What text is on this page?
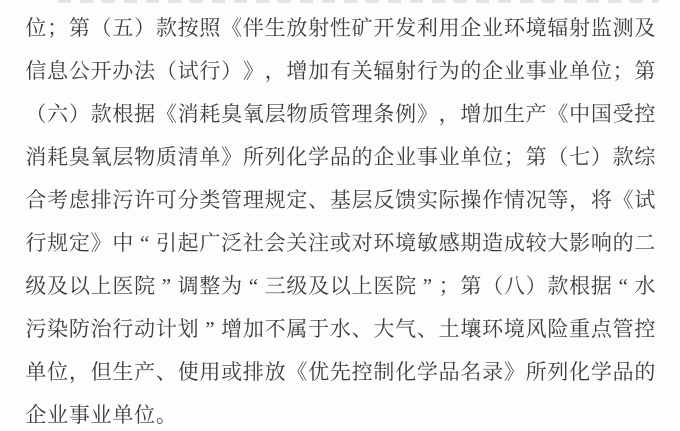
位；第（五）款按照《伴生放射性矿开发利用企业环境辐射监测及
信息公开办法（试行）》，增加有关辐射行为的企业事业单位；第
（六）款根据《消耗臭氧层物质管理条例》，增加生产《中国受控
消耗臭氧层物质清单》所列化学品的企业事业单位；第（七）款综
合考虑排污许可分类管理规定、基层反馈实际操作情况等，将《试
行规定》中 “ 引起广泛社会关注或对环境敏感期造成较大影响的二
级及以上医院 ” 调整为 “ 三级及以上医院 ” ；第（八）款根据 “ 水
污染防治行动计划 ” 增加不属于水、大气、土壤环境风险重点管控
单位，但生产、使用或排放《优先控制化学品名录》所列化学品的
企业事业单位。
